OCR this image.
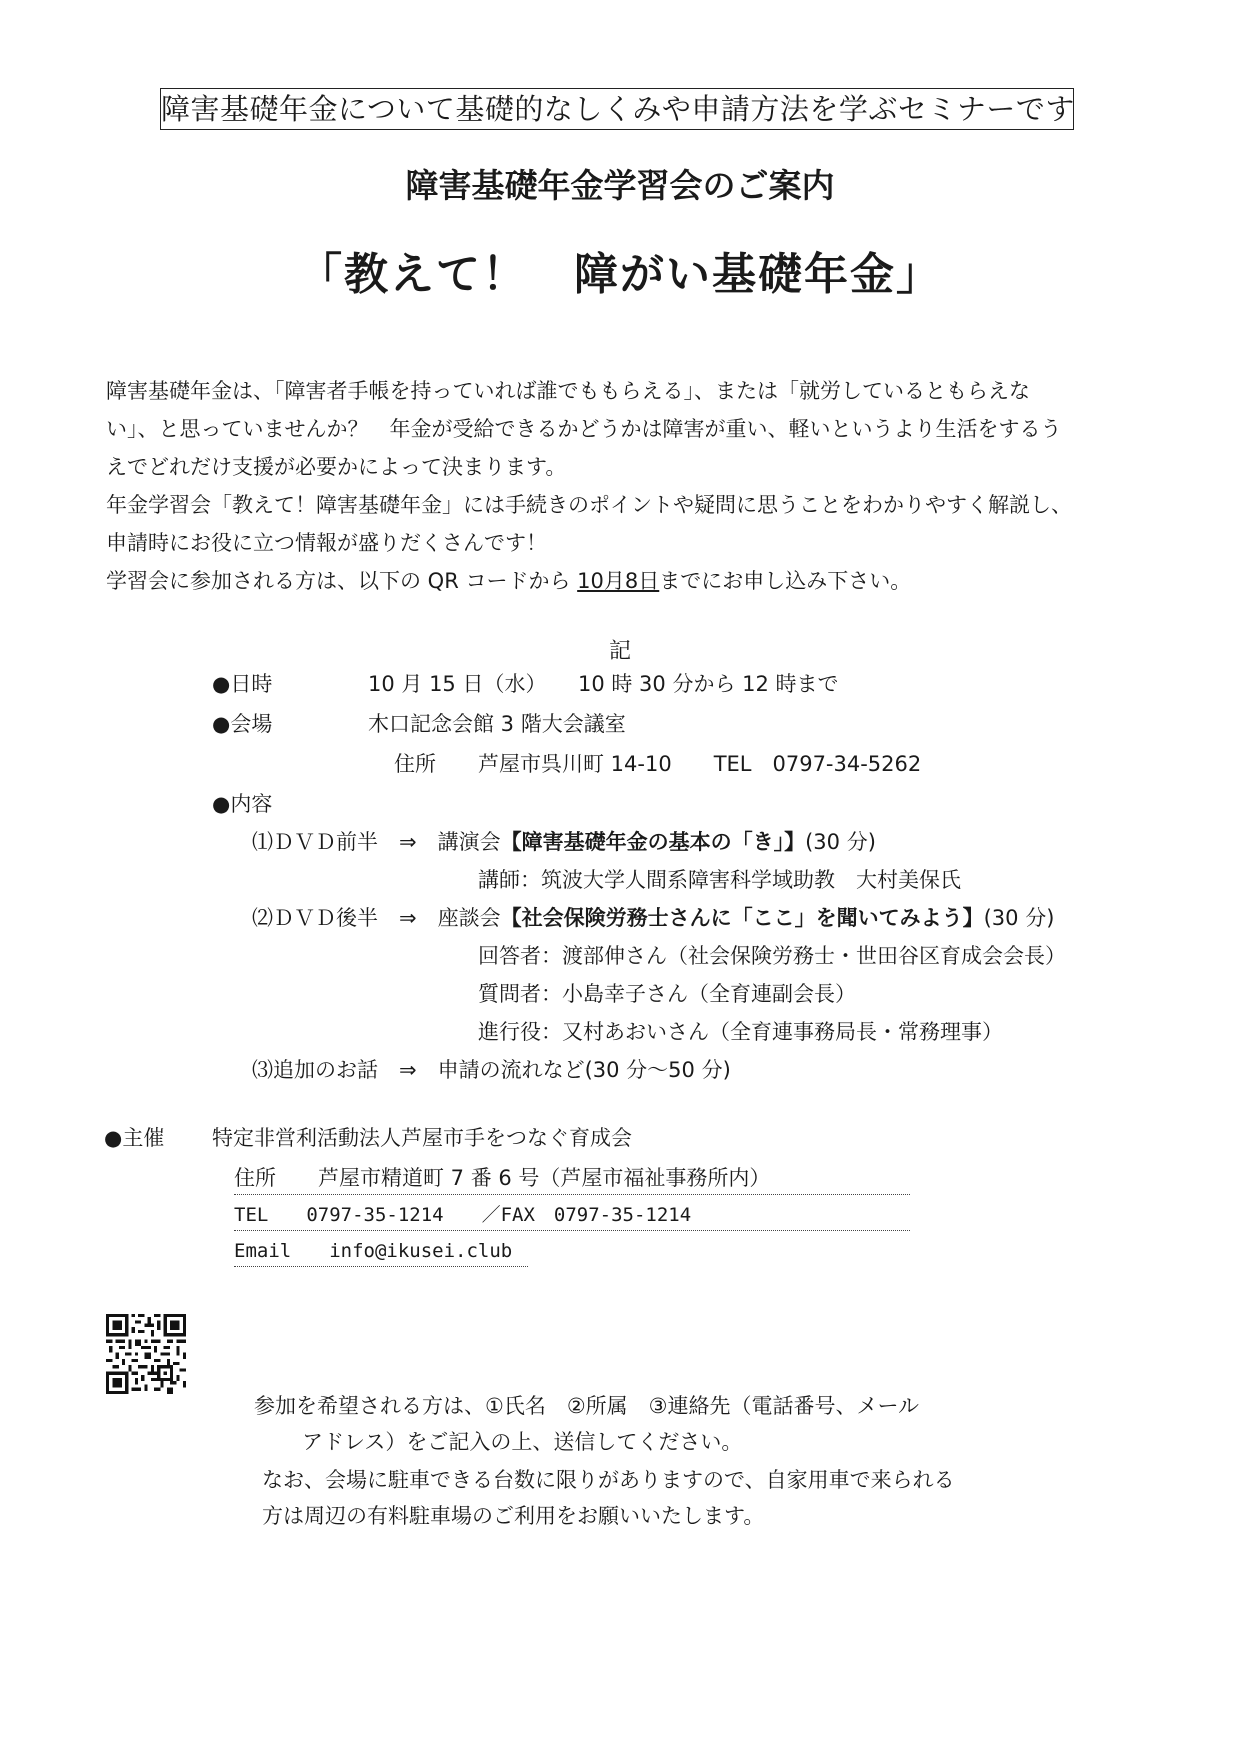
障害基礎年金について基礎的なしくみや申請方法を学ぶセミナーです
障害基礎年金学習会のご案内
「教えて！　障がい基礎年金」

障害基礎年金は、「障害者手帳を持っていれば誰でももらえる」、または「就労しているともらえな

い」、と思っていませんか？　年金が受給できるかどうかは障害が重い、軽いというより生活をするう

えでどれだけ支援が必要かによって決まります。

年金学習会「教えて！障害基礎年金」には手続きのポイントや疑問に思うことをわかりやすく解説し、

申請時にお役に立つ情報が盛りだくさんです！

学習会に参加される方は、以下の QR コードから 10月8日までにお申し込み下さい。

記
●日時	10 月 15 日（水）　　10 時 30 分から 12 時まで
●会場	木口記念会館 3 階大会議室
住所　　芦屋市呉川町 14-10　　TEL　0797-34-5262
●内容
⑴ＤＶＤ前半　⇒　講演会【障害基礎年金の基本の「き」】(30 分)
講師：筑波大学人間系障害科学域助教　大村美保氏
⑵ＤＶＤ後半　⇒　座談会【社会保険労務士さんに「ここ」を聞いてみよう】(30 分)
回答者：渡部伸さん（社会保険労務士・世田谷区育成会会長）
質問者：小島幸子さん（全育連副会長）
進行役：又村あおいさん（全育連事務局長・常務理事）
⑶追加のお話　⇒　申請の流れなど(30 分～50 分)
●主催 特定非営利活動法人芦屋市手をつなぐ育成会
住所　　芦屋市精道町 7 番 6 号（芦屋市福祉事務所内）
TEL　　0797-35-1214　　／FAX　0797-35-1214
Email　　info@ikusei.club
参加を希望される方は、①氏名　②所属　③連絡先（電話番号、メール
アドレス）をご記入の上、送信してください。
なお、会場に駐車できる台数に限りがありますので、自家用車で来られる
方は周辺の有料駐車場のご利用をお願いいたします。
